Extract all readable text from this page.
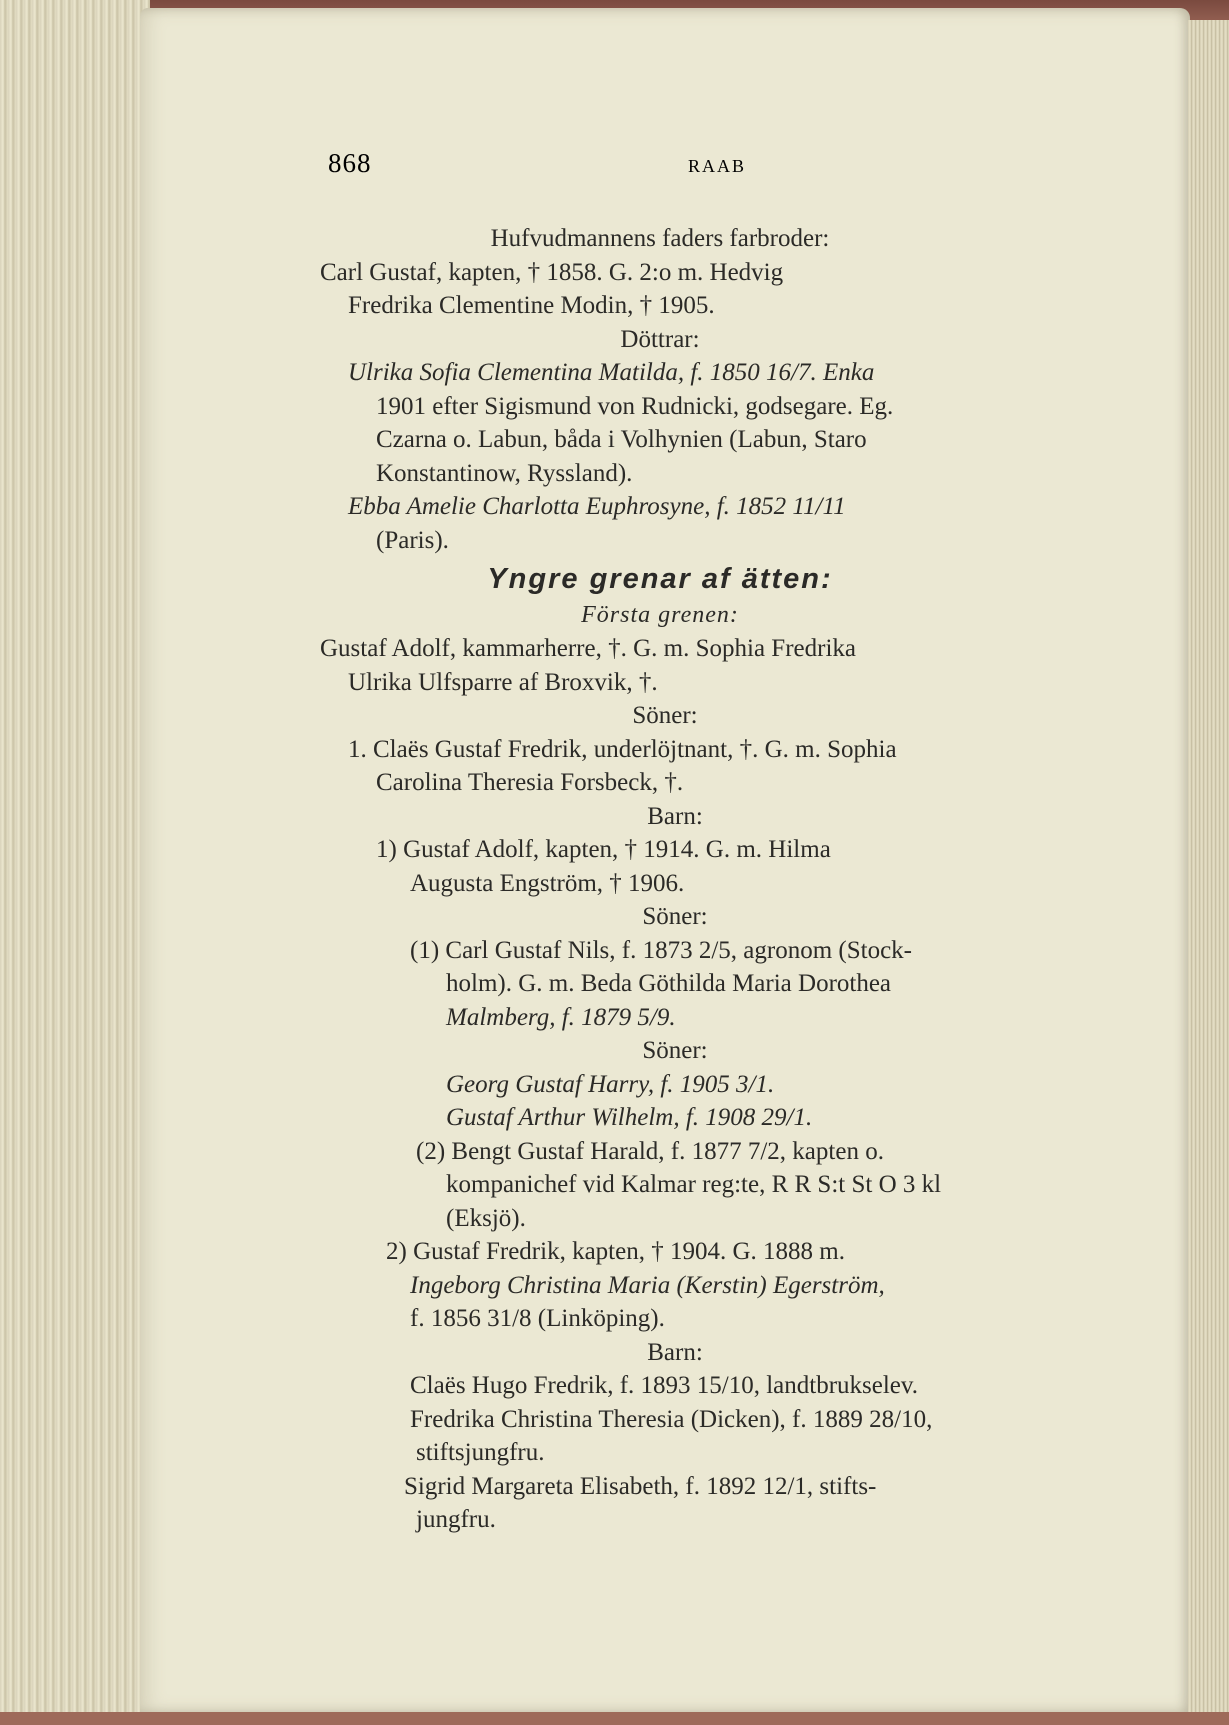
868	RAAB
Hufvudmannens faders farbroder:
Carl Gustaf, kapten, † 1858. G. 2:o m. Hedvig
Fredrika Clementine Modin, † 1905.
Döttrar:
Ulrika Sofia Clementina Matilda, f. 1850 16/7. Enka
1901 efter Sigismund von Rudnicki, godsegare. Eg.
Czarna o. Labun, båda i Volhynien (Labun, Staro
Konstantinow, Ryssland).
Ebba Amelie Charlotta Euphrosyne, f. 1852 11/11
(Paris).
Yngre grenar af ätten:
Första grenen:
Gustaf Adolf, kammarherre, †. G. m. Sophia Fredrika
Ulrika Ulfsparre af Broxvik, †.
Söner:
1. Claës Gustaf Fredrik, underlöjtnant, †. G. m. Sophia
Carolina Theresia Forsbeck, †.
Barn:
1) Gustaf Adolf, kapten, † 1914. G. m. Hilma
Augusta Engström, † 1906.
Söner:
(1) Carl Gustaf Nils, f. 1873 2/5, agronom (Stock-
holm). G. m. Beda Göthilda Maria Dorothea
Malmberg, f. 1879 5/9.
Söner:
Georg Gustaf Harry, f. 1905 3/1.
Gustaf Arthur Wilhelm, f. 1908 29/1.
(2) Bengt Gustaf Harald, f. 1877 7/2, kapten o.
kompanichef vid Kalmar reg:te, R R S:t St O 3 kl
(Eksjö).
2) Gustaf Fredrik, kapten, † 1904. G. 1888 m.
Ingeborg Christina Maria (Kerstin) Egerström,
f. 1856 31/8 (Linköping).
Barn:
Claës Hugo Fredrik, f. 1893 15/10, landtbrukselev.
Fredrika Christina Theresia (Dicken), f. 1889 28/10,
stiftsjungfru.
Sigrid Margareta Elisabeth, f. 1892 12/1, stifts-
jungfru.
